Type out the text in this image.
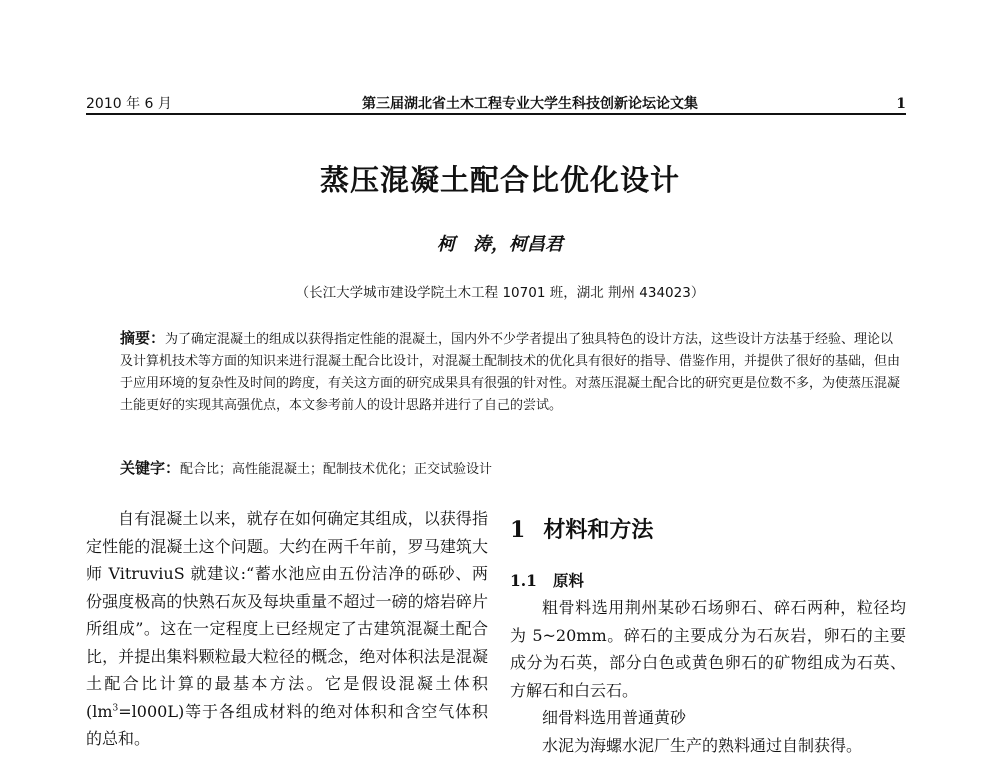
2010 年 6 月	第三届湖北省土木工程专业大学生科技创新论坛论文集	1
蒸压混凝土配合比优化设计
柯　涛，柯昌君
（长江大学城市建设学院土木工程 10701 班，湖北 荆州 434023）
摘要：为了确定混凝土的组成以获得指定性能的混凝土，国内外不少学者提出了独具特色的设计方法，这些设计方法基于经验、理论以及计算机技术等方面的知识来进行混凝土配合比设计，对混凝土配制技术的优化具有很好的指导、借鉴作用，并提供了很好的基础，但由于应用环境的复杂性及时间的跨度，有关这方面的研究成果具有很强的针对性。对蒸压混凝土配合比的研究更是位数不多，为使蒸压混凝土能更好的实现其高强优点，本文参考前人的设计思路并进行了自己的尝试。
关键字：配合比；高性能混凝土；配制技术优化；正交试验设计

自有混凝土以来，就存在如何确定其组成，以获得指定性能的混凝土这个问题。大约在两千年前，罗马建筑大师 VitruviuS 就建议:“蓄水池应由五份洁净的砾砂、两份强度极高的快熟石灰及每块重量不超过一磅的熔岩碎片所组成”。这在一定程度上已经规定了古建筑混凝土配合比，并提出集料颗粒最大粒径的概念，绝对体积法是混凝土配合比计算的最基本方法。它是假设混凝土体积$(lm^3=l000L)$等于各组成材料的绝对体积和含空气体积的总和。

1 材料和方法
1.1 原料

粗骨料选用荆州某砂石场卵石、碎石两种，粒径均为 5~20mm。碎石的主要成分为石灰岩，卵石的主要成分为石英，部分白色或黄色卵石的矿物组成为石英、方解石和白云石。

细骨料选用普通黄砂

水泥为海螺水泥厂生产的熟料通过自制获得。
